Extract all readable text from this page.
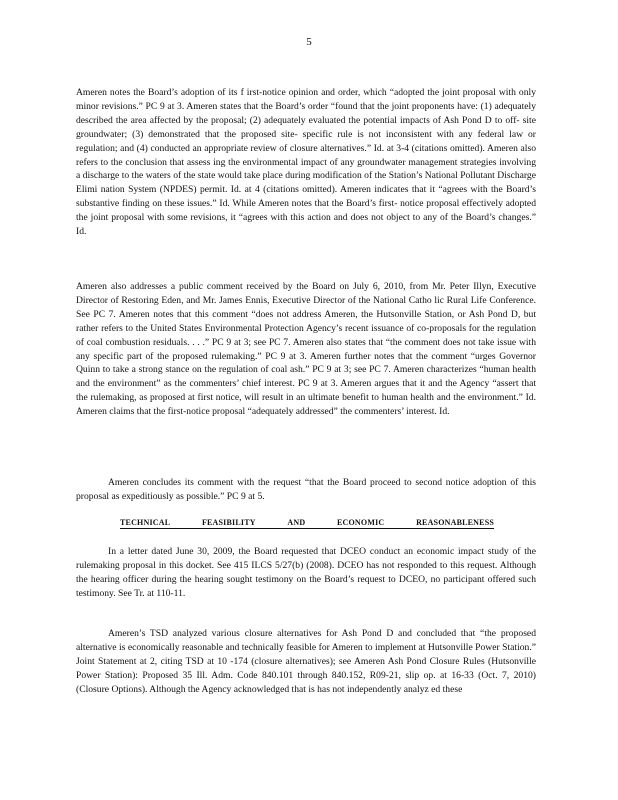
5

Ameren notes the Board’s adoption of its f irst-notice opinion and order, which “adopted the joint proposal with only minor revisions.” PC 9 at 3. Ameren states that the Board’s order “found that the joint proponents have: (1) adequately described the area affected by the proposal; (2) adequately evaluated the potential impacts of Ash Pond D to off- site groundwater; (3) demonstrated that the proposed site- specific rule is not inconsistent with any federal law or regulation; and (4) conducted an appropriate review of closure alternatives.” Id. at 3-4 (citations omitted). Ameren also refers to the conclusion that assess ing the environmental impact of any groundwater management strategies involving a discharge to the waters of the state would take place during modification of the Station’s National Pollutant Discharge Elimi nation System (NPDES) permit. Id. at 4 (citations omitted). Ameren indicates that it “agrees with the Board’s substantive finding on these issues.” Id. While Ameren notes that the Board’s first- notice proposal effectively adopted the joint proposal with some revisions, it “agrees with this action and does not object to any of the Board’s changes.” Id.

Ameren also addresses a public comment received by the Board on July 6, 2010, from Mr. Peter Illyn, Executive Director of Restoring Eden, and Mr. James Ennis, Executive Director of the National Catho lic Rural Life Conference. See PC 7. Ameren notes that this comment “does not address Ameren, the Hutsonville Station, or Ash Pond D, but rather refers to the United States Environmental Protection Agency’s recent issuance of co-proposals for the regulation of coal combustion residuals. . . .” PC 9 at 3; see PC 7. Ameren also states that “the comment does not take issue with any specific part of the proposed rulemaking.” PC 9 at 3. Ameren further notes that the comment “urges Governor Quinn to take a strong stance on the regulation of coal ash.” PC 9 at 3; see PC 7. Ameren characterizes “human health and the environment” as the commenters’ chief interest. PC 9 at 3. Ameren argues that it and the Agency “assert that the rulemaking, as proposed at first notice, will result in an ultimate benefit to human health and the environment.” Id. Ameren claims that the first-notice proposal “adequately addressed” the commenters’ interest. Id.

Ameren concludes its comment with the request “that the Board proceed to second notice adoption of this proposal as expeditiously as possible.” PC 9 at 5.

TECHNICAL	FEASIBILITY	AND	ECONOMIC	REASONABLENESS

In a letter dated June 30, 2009, the Board requested that DCEO conduct an economic impact study of the rulemaking proposal in this docket. See 415 ILCS 5/27(b) (2008). DCEO has not responded to this request. Although the hearing officer during the hearing sought testimony on the Board’s request to DCEO, no participant offered such testimony. See Tr. at 110-11.

Ameren’s TSD analyzed various closure alternatives for Ash Pond D and concluded that “the proposed alternative is economically reasonable and technically feasible for Ameren to implement at Hutsonville Power Station.” Joint Statement at 2, citing TSD at 10 -174 (closure alternatives); see Ameren Ash Pond Closure Rules (Hutsonville Power Station): Proposed 35 Ill. Adm. Code 840.101 through 840.152, R09-21, slip op. at 16-33 (Oct. 7, 2010) (Closure Options). Although the Agency acknowledged that is has not independently analyz ed these
